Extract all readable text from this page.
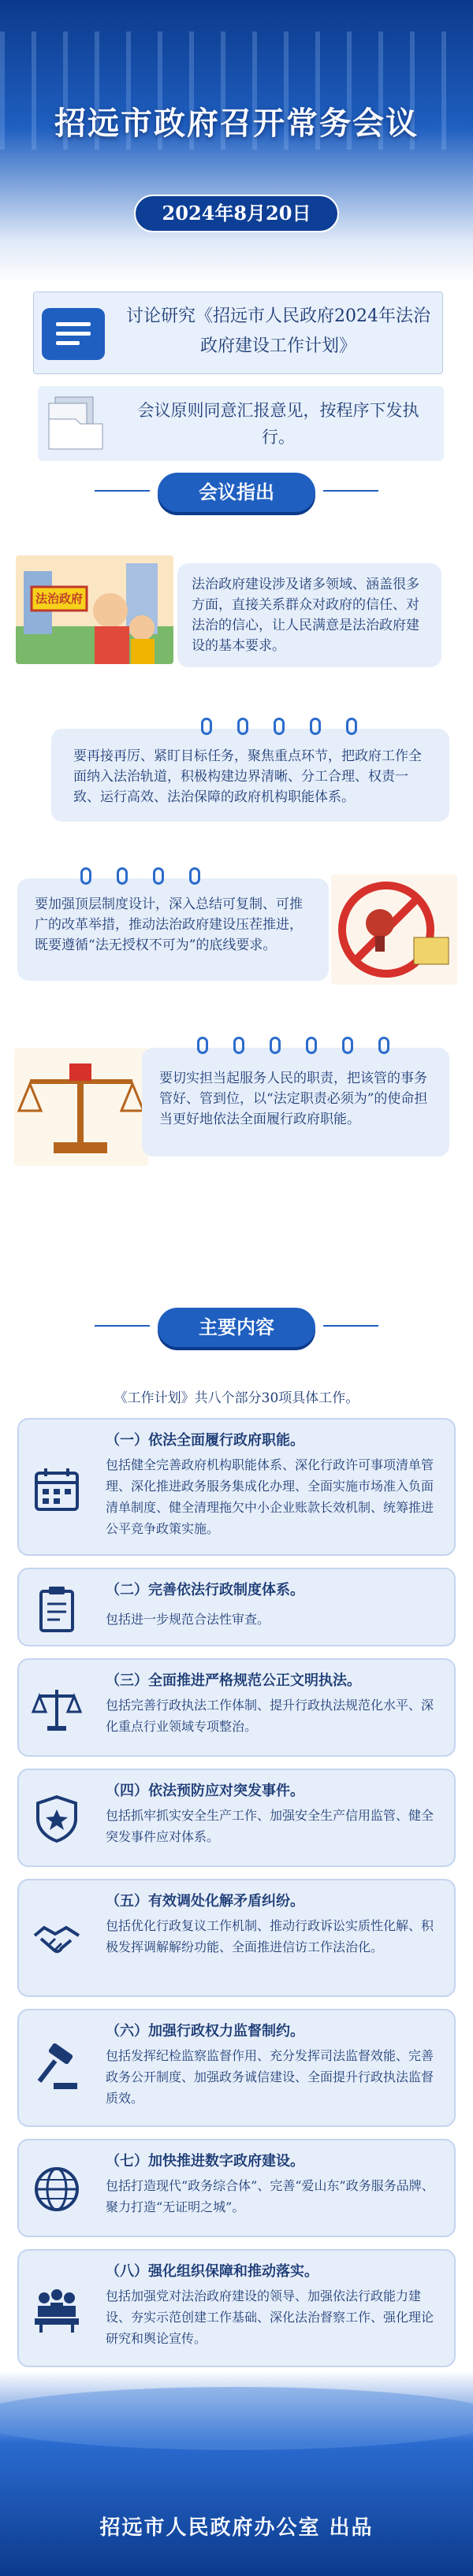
招远市政府召开常务会议
2024年8月20日
讨论研究《招远市人民政府2024年法治政府建设工作计划》
会议原则同意汇报意见，按程序下发执行。
会议指出
法治政府
法治政府建设涉及诸多领域、涵盖很多方面，直接关系群众对政府的信任、对法治的信心，让人民满意是法治政府建设的基本要求。
要再接再厉、紧盯目标任务，聚焦重点环节，把政府工作全面纳入法治轨道，积极构建边界清晰、分工合理、权责一致、运行高效、法治保障的政府机构职能体系。
要加强顶层制度设计，深入总结可复制、可推广的改革举措，推动法治政府建设压茬推进，既要遵循“法无授权不可为”的底线要求。
要切实担当起服务人民的职责，把该管的事务管好、管到位，以“法定职责必须为”的使命担当更好地依法全面履行政府职能。
主要内容
《工作计划》共八个部分30项具体工作。
（一）依法全面履行政府职能。
包括健全完善政府机构职能体系、深化行政许可事项清单管理、深化推进政务服务集成化办理、全面实施市场准入负面清单制度、健全清理拖欠中小企业账款长效机制、统筹推进公平竞争政策实施。
（二）完善依法行政制度体系。
包括进一步规范合法性审查。
（三）全面推进严格规范公正文明执法。
包括完善行政执法工作体制、提升行政执法规范化水平、深化重点行业领域专项整治。
（四）依法预防应对突发事件。
包括抓牢抓实安全生产工作、加强安全生产信用监管、健全突发事件应对体系。
（五）有效调处化解矛盾纠纷。
包括优化行政复议工作机制、推动行政诉讼实质性化解、积极发挥调解解纷功能、全面推进信访工作法治化。
（六）加强行政权力监督制约。
包括发挥纪检监察监督作用、充分发挥司法监督效能、完善政务公开制度、加强政务诚信建设、全面提升行政执法监督质效。
（七）加快推进数字政府建设。
包括打造现代“政务综合体”、完善“爱山东”政务服务品牌、聚力打造“无证明之城”。
（八）强化组织保障和推动落实。
包括加强党对法治政府建设的领导、加强依法行政能力建设、夯实示范创建工作基础、深化法治督察工作、强化理论研究和舆论宣传。
招远市人民政府办公室 出品
